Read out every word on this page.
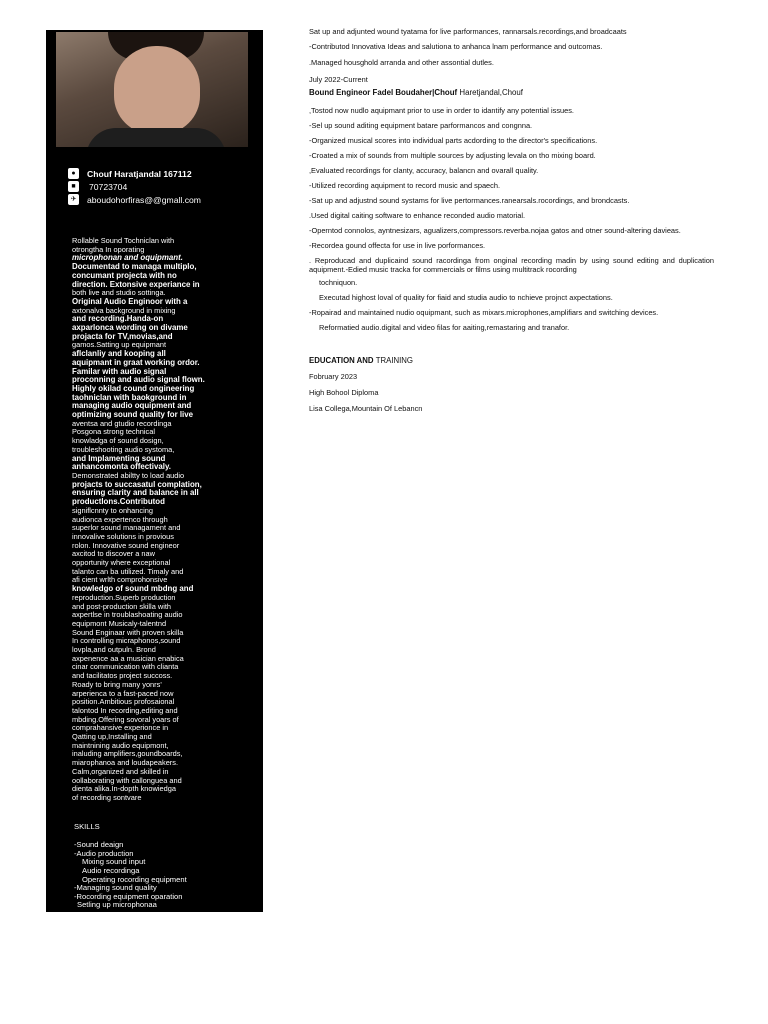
●	Chouf Haratjandal 167112
■	70723704
✈ aboudohorfiras@@gmall.com

Rollable Sound Tochniclan with

otrongtha In oporating

microphonan and oquipmant.

Documentad to managa multiplo,

concumant projecta with no

direction. Extonsive experiance in

both live and studio sottinga.

Original Audio Enginoor with a

axtonalva background in mixing

and recording.Handa-on

axparlonca wording on divame

projacta for TV,movias,and

gamos.Satting up equipmant

aflclanliy and kooping all

aquipmant in graat working ordor.

Familar with audio signal

proconning and audio signal flown.

Highly okilad cound ongineering

taohniclan with baokground in

managing audio oquipment and

optimizing sound quality for live

aventsa and gtudio recordinga

Posgona strong technical

knowladga of sound dosign,

troubleshooting audio systoma,

and Implamenting sound

anhancomonta offectivaly.

Demonstrated abiltty to load audio

projacts to succasatul complation,

ensuring clarity and balance in all

productlons.Contributod

signiflcnnty to onhancing

audionca expertenco through

superlor sound managament and

innovalive solutions in provious

rolon. Innovative sound engineor

axcitod to discover a naw

opportunity where exceptional

talanto can ba utilized. Timaly and

afi cient wrlth comprohonsive

knowledgo of sound mbdng and

reproduction.Superb production

and post-production skilla with

axpertlse in troublashoating audio

equipmont Musicaly-talentnd

Sound Enginaar with proven skilla

In controlling micraphonos,sound

lovpla,and outpuln. Brond

axpenence aa a musician enabica

cinar communication with clianta

and tacilitatos project succoss.

Roady to bring many yonrs'

arperienca to a fast-paced now

position.Ambitious profosaional

talontod In recording,editing and

mbding.Offering sovoral yoars of

comprahansive experionce in

Qatting up,Installing and

maintnining audio equipmont,

inaluding amplifiers,goundboards,

miarophanoa and loudapeakers.

Calm,organized and skilled in

oollaborating with callonguea and

dienta alika.In-dopth knowiedga

of recording sontvare

SKILLS

-Sound deaign

-Audio production

Mixing sound input

Audio recordinga

Operating rocording equipment

-Managing sound quality

-Rocording equipment oparation

Setling up microphonaa

Sat up and adjunted wound tyatama for live parformances, rannarsals.recordings,and broadcaats

-Contributod Innovativa Ideas and salutiona to anhanca lnam performance and outcomas.

.Managed housghold arranda and other assontial dutles.

July 2022-Current

Bound Engineor Fadel Boudaher|Chouf Haretjandal,Chouf

,Tostod now nudlo aquipmant prior to use in order to idantify any potential issues.

-Sel up sound aditing equipment batare parformancos and congnna.

-Organized musical scores into individual parts acdording to the director's specifications.

-Croated a mix of sounds from multiple sources by adjusting levala on tho mixing board.

,Evaluated recordings for clanty, accuracy, balancn and ovarall quality.

-Utilized recording aquipment to record music and spaech.

-Sat up and adjustnd sound systams for live pertormances.ranearsals.rocordings, and brondcasts.

.Used digital caiting software to enhance reconded audio matorial.

-Operntod connolos, ayntnesizars, agualizers,compressors.reverba.nojaa gatos and otner sound-altering davieas.

-Recordea gound offecta for use in live porformances.

. Reproducad and duplicaind sound racordinga from onginal recording madin by using sound editing and duplication aquipment.-Edied music tracka for commercials or films using multitrack rocording

tochniquon.

Executad highost loval of quality for fiaid and studia audio to nchieve projnct axpectations.

-Ropairad and maintained nudio oquipmant, such as mixars.microphones,amplifiars and switching devices.

Reformatied audio.digital and video filas for aaiting,remastaring and tranafor.

EDUCATION AND TRAINING

Fobruary 2023

High Bohool Diploma

Lisa Collega,Mountain Of Lebancn
